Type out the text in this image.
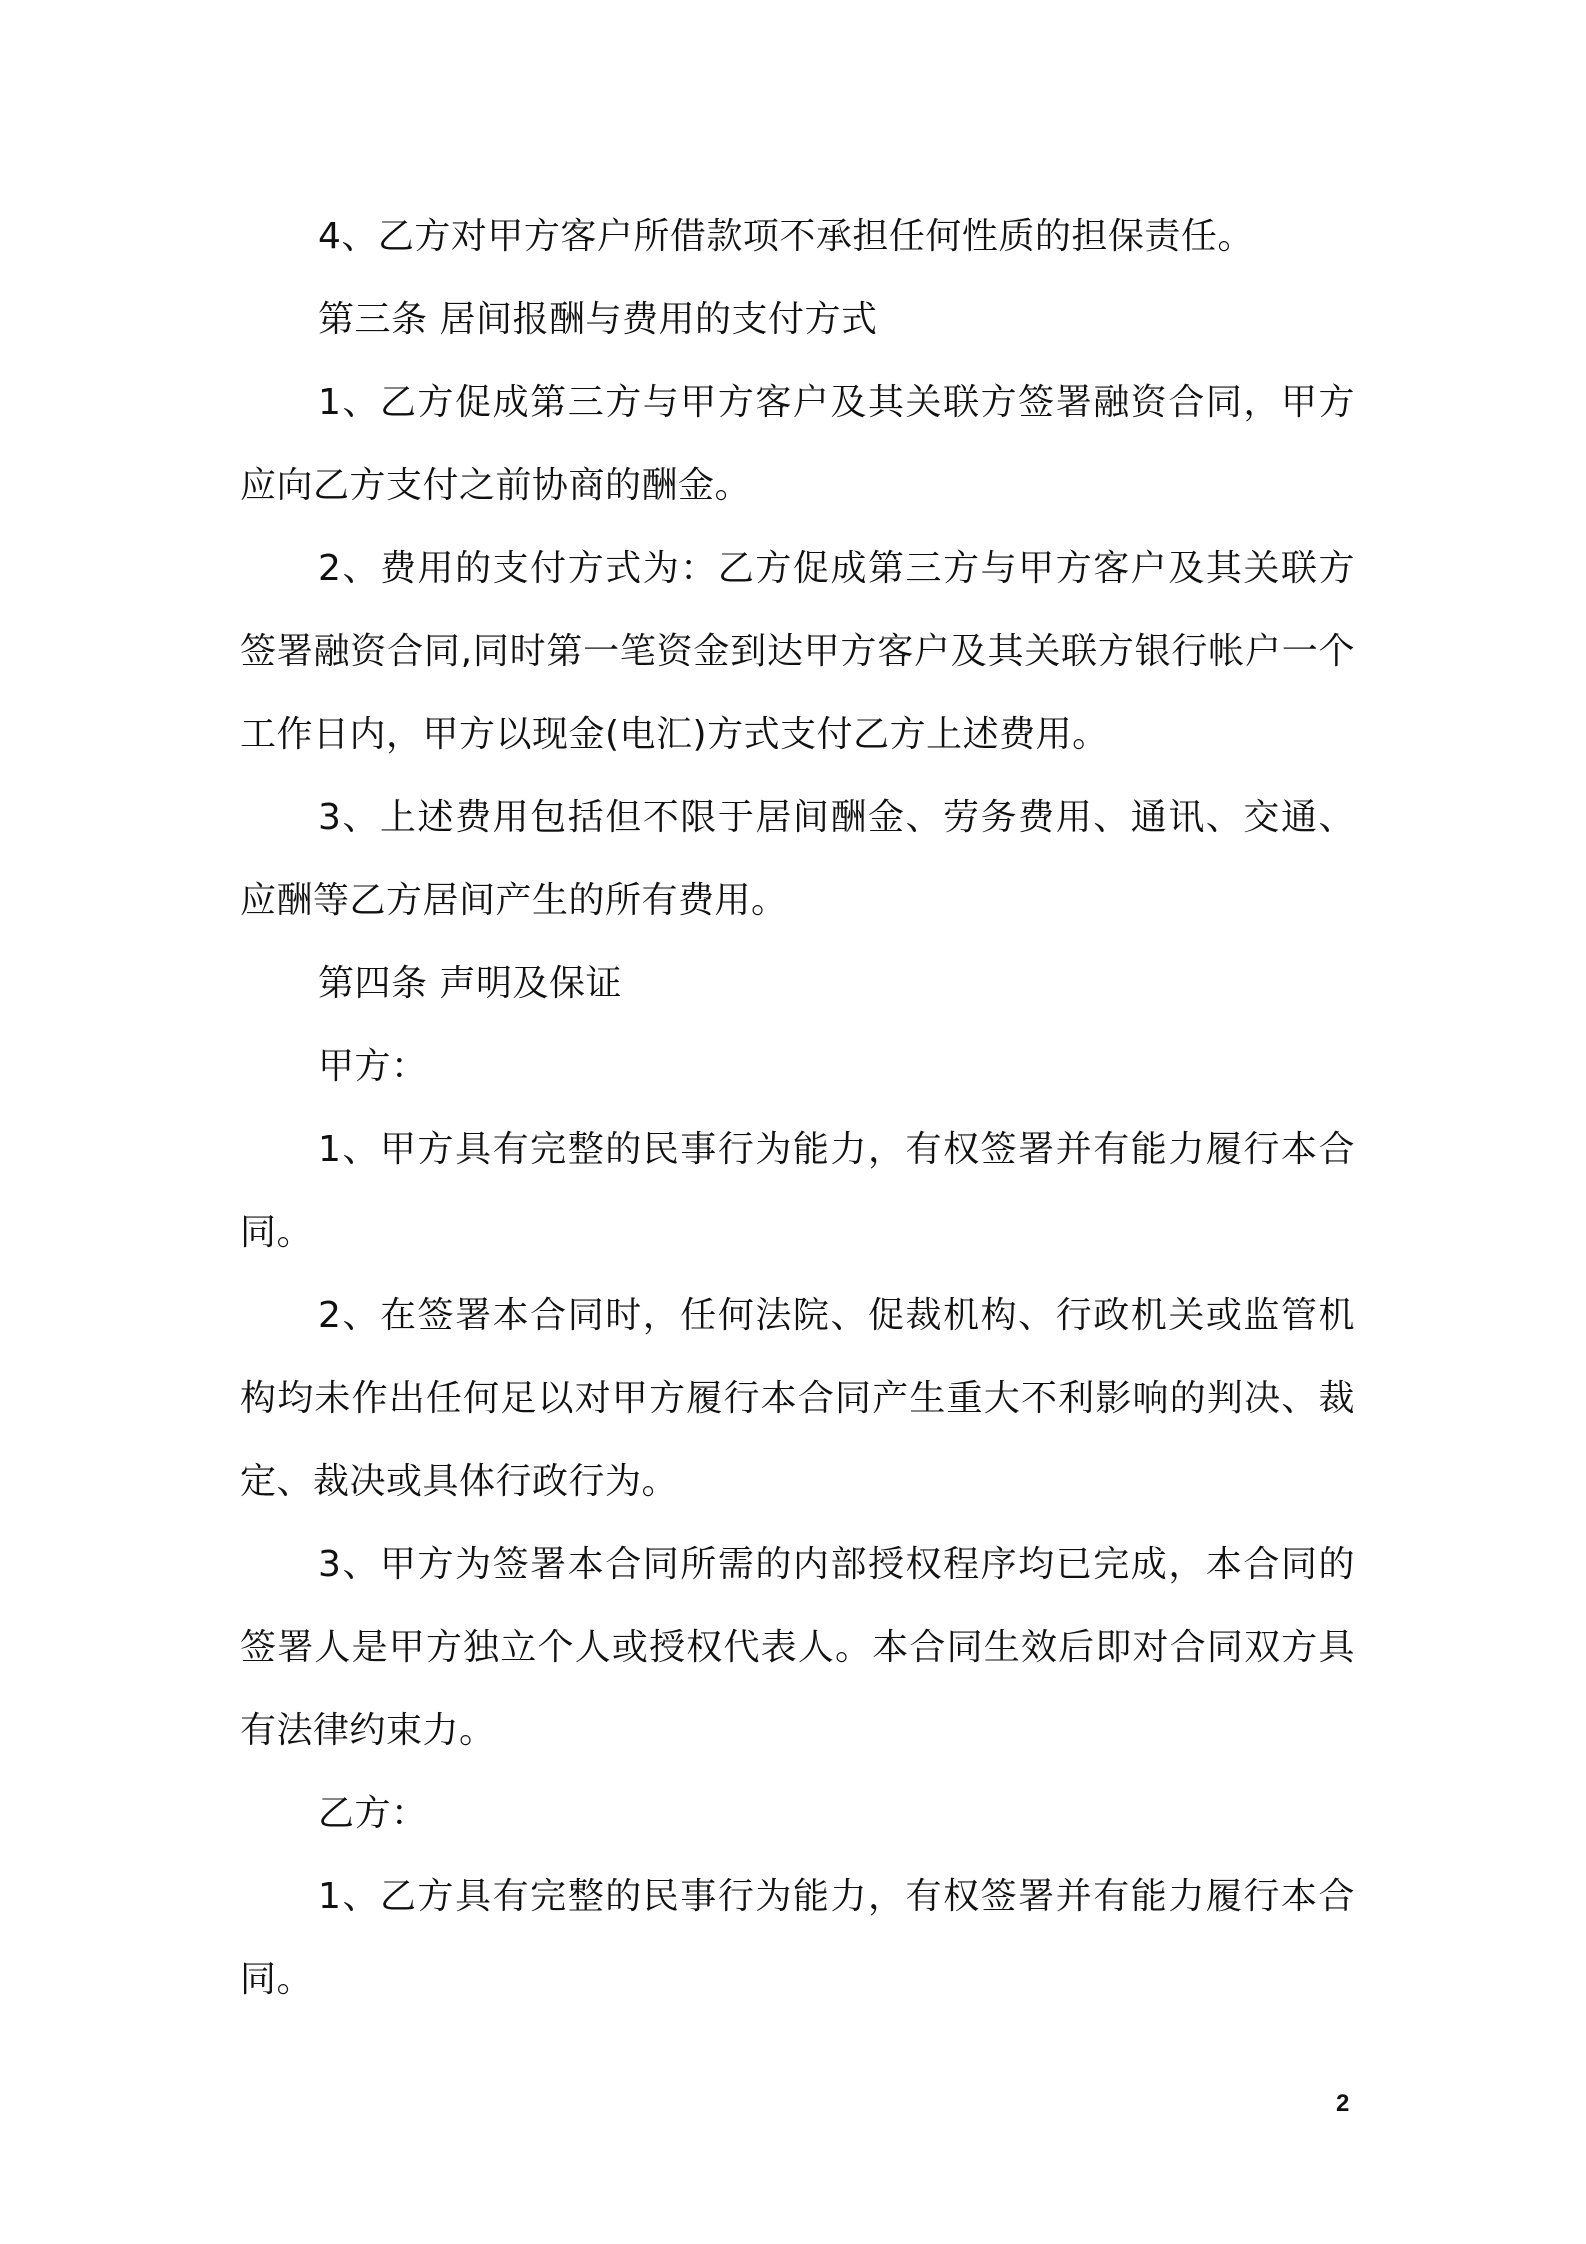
4、乙方对甲方客户所借款项不承担任何性质的担保责任。

第三条 居间报酬与费用的支付方式

1、乙方促成第三方与甲方客户及其关联方签署融资合同，甲方应向乙方支付之前协商的酬金。

2、费用的支付方式为：乙方促成第三方与甲方客户及其关联方签署融资合同,同时第一笔资金到达甲方客户及其关联方银行帐户一个工作日内，甲方以现金(电汇)方式支付乙方上述费用。

3、上述费用包括但不限于居间酬金、劳务费用、通讯、交通、应酬等乙方居间产生的所有费用。

第四条 声明及保证

甲方：

1、甲方具有完整的民事行为能力，有权签署并有能力履行本合同。

2、在签署本合同时，任何法院、促裁机构、行政机关或监管机构均未作出任何足以对甲方履行本合同产生重大不利影响的判决、裁定、裁决或具体行政行为。

3、甲方为签署本合同所需的内部授权程序均已完成，本合同的签署人是甲方独立个人或授权代表人。本合同生效后即对合同双方具有法律约束力。

乙方：

1、乙方具有完整的民事行为能力，有权签署并有能力履行本合同。

2
